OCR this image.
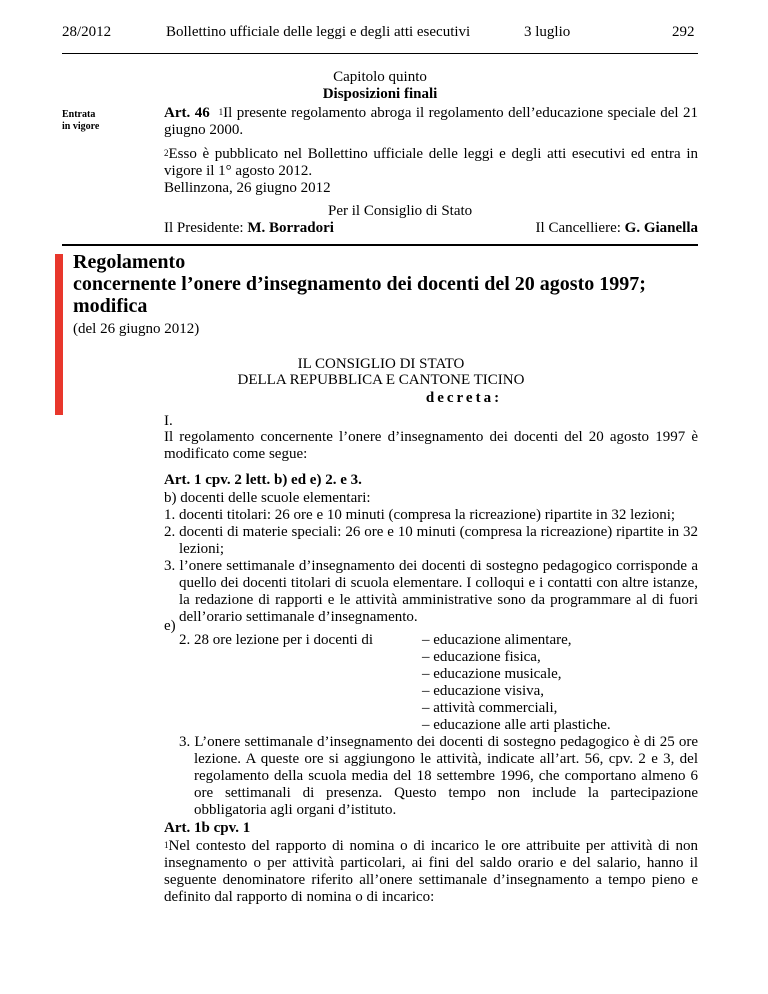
28/2012	Bollettino ufficiale delle leggi e degli atti esecutivi	3 luglio	292
Capitolo quinto
Disposizioni finali
Entrata
in vigore
Art. 46 $^1$Il presente regolamento abroga il regolamento dell’educazione speciale del 21 giugno 2000.
$^2$Esso è pubblicato nel Bollettino ufficiale delle leggi e degli atti esecutivi ed entra in vigore il 1° agosto 2012.
Bellinzona, 26 giugno 2012
Per il Consiglio di Stato
Il Presidente: M. Borradori	Il Cancelliere: G. Gianella
Regolamento
concernente l’onere d’insegnamento dei docenti del 20 agosto 1997;
modifica
(del 26 giugno 2012)
IL CONSIGLIO DI STATO
DELLA REPUBBLICA E CANTONE TICINO
decreta:
I.
Il regolamento concernente l’onere d’insegnamento dei docenti del 20 agosto 1997 è modificato come segue:
Art. 1 cpv. 2 lett. b) ed e) 2. e 3.
b) docenti delle scuole elementari:
1. docenti titolari: 26 ore e 10 minuti (compresa la ricreazione) ripartite in 32 lezioni;
2. docenti di materie speciali: 26 ore e 10 minuti (compresa la ricreazione) ripartite in 32 lezioni;
3. l’onere settimanale d’insegnamento dei docenti di sostegno pedagogico corrisponde a quello dei docenti titolari di scuola elementare. I colloqui e i contatti con altre istanze, la redazione di rapporti e le attività amministrative sono da programmare al di fuori dell’orario settimanale d’insegnamento.
e)
2. 28 ore lezione per i docenti di	– educazione alimentare,
– educazione fisica,
– educazione musicale,
– educazione visiva,
– attività commerciali,
– educazione alle arti plastiche.
3. L’onere settimanale d’insegnamento dei docenti di sostegno pedagogico è di 25 ore lezione. A queste ore si aggiungono le attività, indicate all’art. 56, cpv. 2 e 3, del regolamento della scuola media del 18 settembre 1996, che comportano almeno 6 ore settimanali di presenza. Questo tempo non include la partecipazione obbligatoria agli organi d’istituto.
Art. 1b cpv. 1
$^1$Nel contesto del rapporto di nomina o di incarico le ore attribuite per attività di non insegnamento o per attività particolari, ai fini del saldo orario e del salario, hanno il seguente denominatore riferito all’onere settimanale d’insegnamento a tempo pieno e definito dal rapporto di nomina o di incarico:
